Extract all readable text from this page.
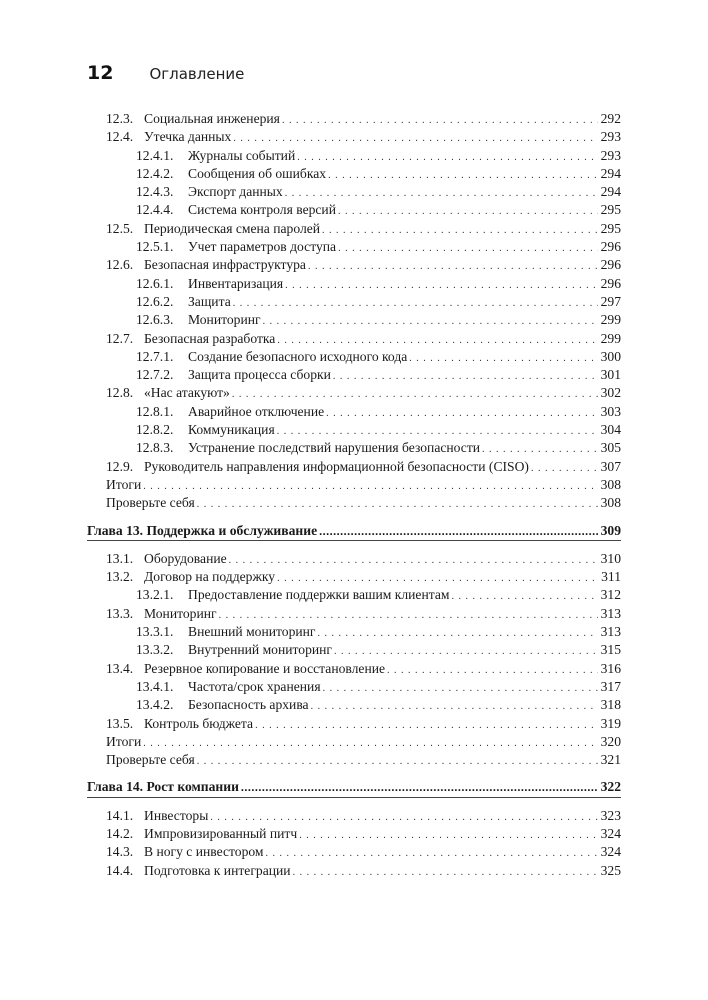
12 Оглавление
12.3. Социальная инженерия . . .	292
12.4. Утечка данных . . .	293
12.4.1. Журналы событий . . .	293
12.4.2. Сообщения об ошибках . . .	294
12.4.3. Экспорт данных . . .	294
12.4.4. Система контроля версий . . .	295
12.5. Периодическая смена паролей . . .	295
12.5.1. Учет параметров доступа . . .	296
12.6. Безопасная инфраструктура . . .	296
12.6.1. Инвентаризация . . .	296
12.6.2. Защита . . .	297
12.6.3. Мониторинг . . .	299
12.7. Безопасная разработка . . .	299
12.7.1. Создание безопасного исходного кода . . .	300
12.7.2. Защита процесса сборки . . .	301
12.8. «Нас атакуют» . . .	302
12.8.1. Аварийное отключение . . .	303
12.8.2. Коммуникация . . .	304
12.8.3. Устранение последствий нарушения безопасности . . .	305
12.9. Руководитель направления информационной безопасности (CISO) . . .	307
Итоги . . .	308
Проверьте себя . . .	308
Глава 13. Поддержка и обслуживание .....	309
13.1. Оборудование . . .	310
13.2. Договор на поддержку . . .	311
13.2.1. Предоставление поддержки вашим клиентам . . .	312
13.3. Мониторинг . . .	313
13.3.1. Внешний мониторинг . . .	313
13.3.2. Внутренний мониторинг . . .	315
13.4. Резервное копирование и восстановление . . .	316
13.4.1. Частота/срок хранения . . .	317
13.4.2. Безопасность архива . . .	318
13.5. Контроль бюджета . . .	319
Итоги . . .	320
Проверьте себя . . .	321
Глава 14. Рост компании .....	322
14.1. Инвесторы . . .	323
14.2. Импровизированный питч . . .	324
14.3. В ногу с инвестором . . .	324
14.4. Подготовка к интеграции . . .	325
